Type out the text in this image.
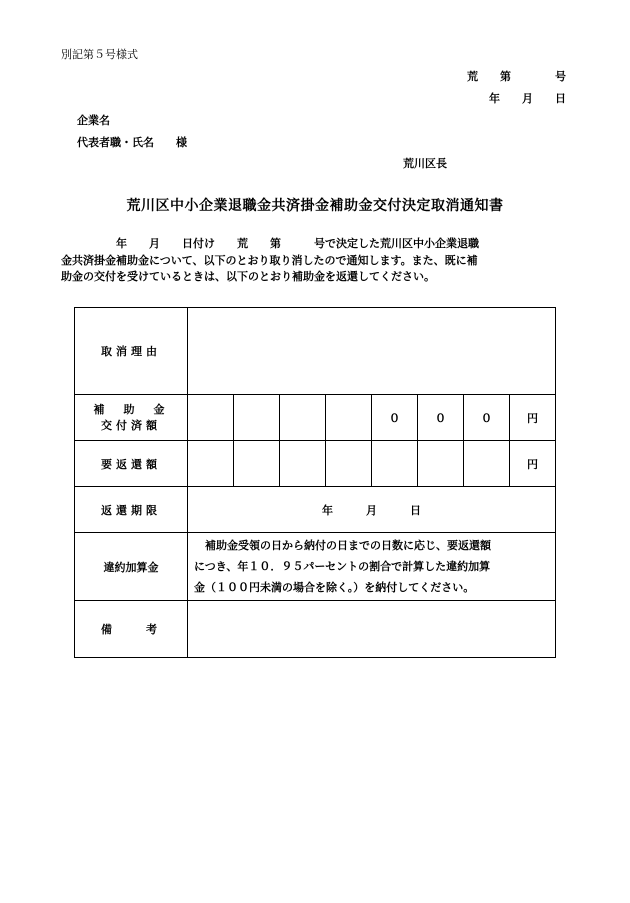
別記第５号様式
荒　　第　　　　号
年　　月　　日
企業名
代表者職・氏名　　様
荒川区長
荒川区中小企業退職金共済掛金補助金交付決定取消通知書
　　　　　年　　月　　日付け　　荒　　第　　　号で決定した荒川区中小企業退職
金共済掛金補助金について、以下のとおり取り消したので通知します。また、既に補
助金の交付を受けているときは、以下のとおり補助金を返還してください。
取消理由								

補　助　金
交付済額					０	０	０	円
要返還額								円
返還期限	年　　　月　　　日							
違約加算金	　補助金受領の日から納付の日までの日数に応じ、要返還額
につき、年１０．９５パーセントの割合で計算した違約加算
金（１００円未満の場合を除く。）を納付してください。							

備　　考								
